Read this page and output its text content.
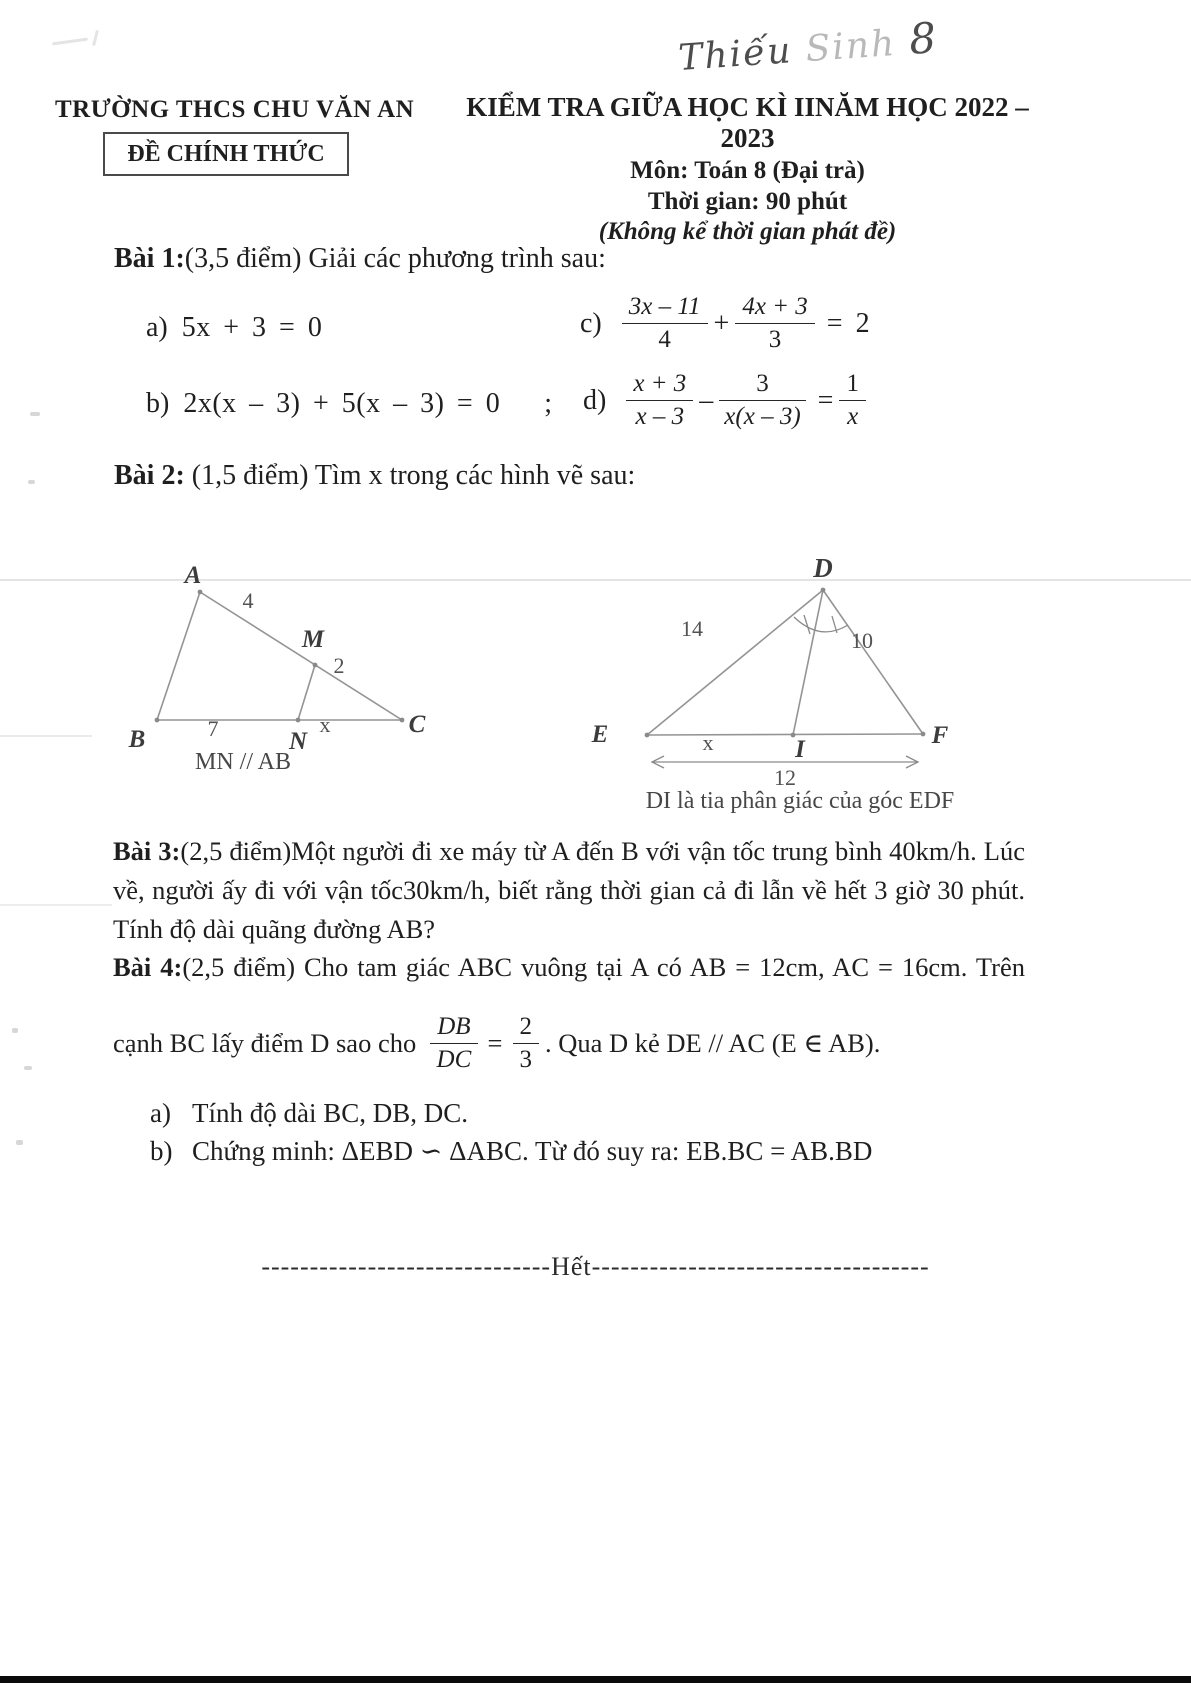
Thiếu Sinh 8
TRƯỜNG THCS CHU VĂN AN
ĐỀ CHÍNH THỨC
KIỂM TRA GIỮA HỌC KÌ IINĂM HỌC 2022 – 2023
Môn: Toán 8 (Đại trà)
Thời gian: 90 phút
(Không kể thời gian phát đề)
Bài 1:(3,5 điểm) Giải các phương trình sau:
a) 5x + 3 = 0	$c) \frac{3x - 11}{4} + \frac{4x + 3}{3} = 2$
b) 2x(x – 3) + 5(x – 3) = 0 ; $d) \frac{x + 3}{x - 3} - \frac{3}{x(x - 3)} = \frac{1}{x}$
Bài 2: (1,5 điểm) Tìm x trong các hình vẽ sau:
A
B
C
M
N
4
2
7	x
MN // AB
D
E	F
I
14	10
x
12
DI là tia phân giác của góc EDF
Bài 3:(2,5 điểm)Một người đi xe máy từ A đến B với vận tốc trung bình 40km/h. Lúc về, người ấy đi với vận tốc30km/h, biết rằng thời gian cả đi lẫn về hết 3 giờ 30 phút. Tính độ dài quãng đường AB?
Bài 4:(2,5 điểm) Cho tam giác ABC vuông tại A có AB = 12cm, AC = 16cm. Trên
cạnh BC lấy điểm D sao cho $\frac{DB}{DC} = \frac{2}{3}$ . Qua D kẻ DE // AC (E ∈ AB).
a) Tính độ dài BC, DB, DC.
b) Chứng minh: ΔEBD ∽ ΔABC. Từ đó suy ra: EB.BC = AB.BD
------------------------------Hết-----------------------------------
